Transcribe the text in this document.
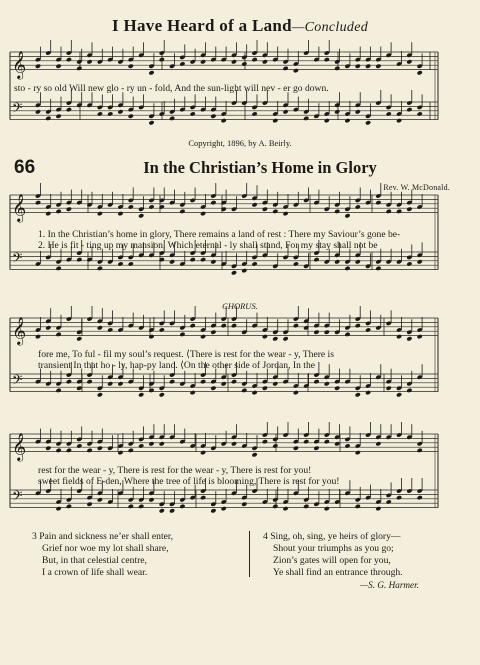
I Have Heard of a Land—Concluded
𝄞
𝄢
𝄞
𝄢
𝄞
𝄢
𝄞
𝄢
sto - ry so old Will new glo - ry un - fold, And the sun-light will nev - er go down.
Copyright, 1896, by A. Beirly.
66	In the Christian’s Home in Glory
Rev. W. McDonald.
1. In the Christian’s home in glory, There remains a land of rest : There my Saviour’s gone be-
2. He is fit - ting up my mansion, Which eternal - ly shall stand, For my stay shall not be
CHORUS.
fore me, To ful - fil my soul’s request. ⟨There is rest for the wear - y, There is
transient In that ho - ly, hap-py land. ⟨On the other side of Jordan, In the
rest for the wear - y, There is rest for the wear - y, There is rest for you!
sweet fields of E-den, Where the tree of life is blooming, There is rest for you!
3 Pain and sickness ne’er shall enter,
Grief nor woe my lot shall share,
But, in that celestial centre,
I a crown of life shall wear.
4 Sing, oh, sing, ye heirs of glory—
Shout your triumphs as you go;
Zion’s gates will open for you,
Ye shall find an entrance through.
—S. G. Harmer.
